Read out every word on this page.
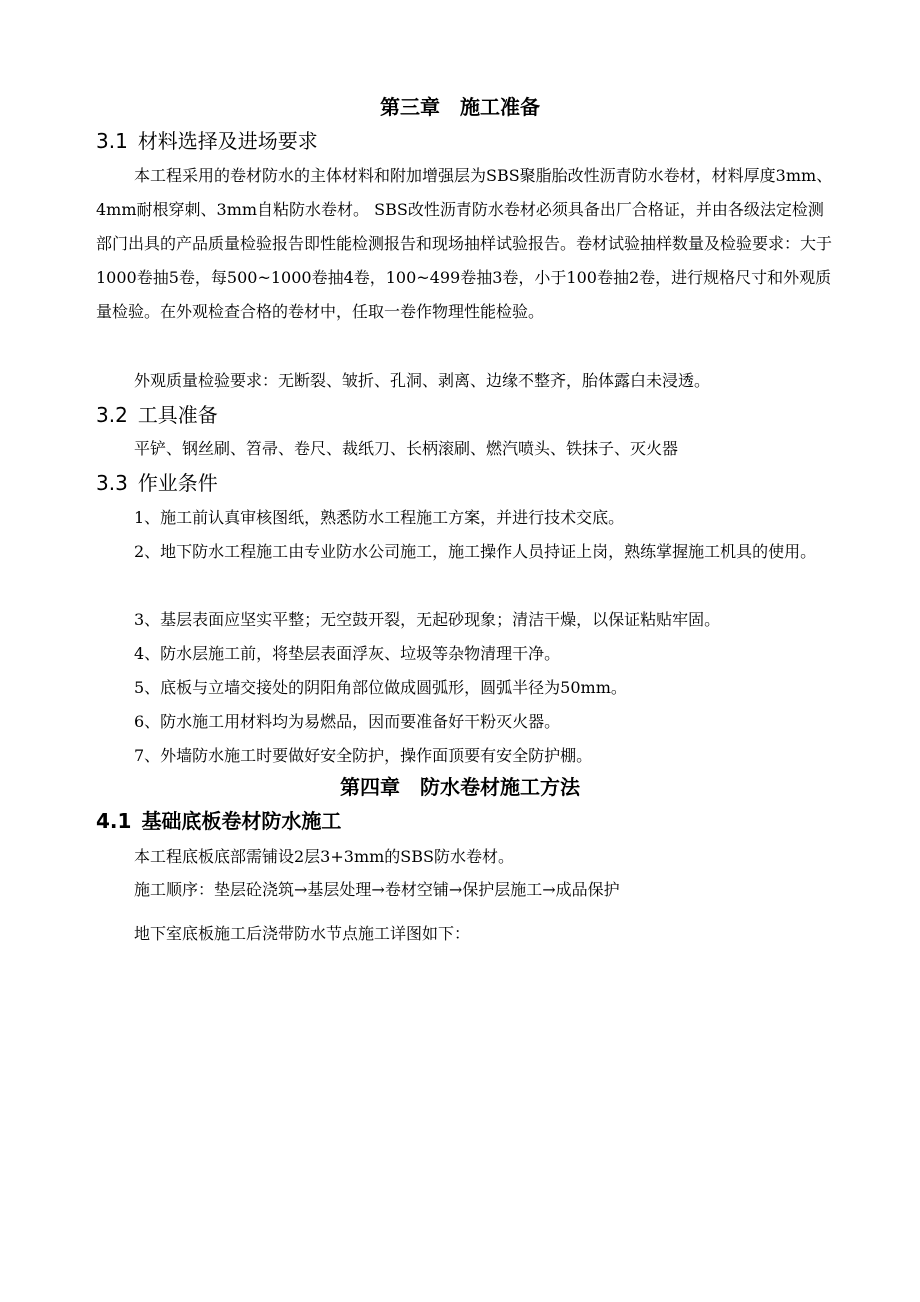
第三章　施工准备
3.1 材料选择及进场要求

本工程采用的卷材防水的主体材料和附加增强层为SBS聚脂胎改性沥青防水卷材，材料厚度3mm、4mm耐根穿刺、3mm自粘防水卷材。 SBS改性沥青防水卷材必须具备出厂合格证，并由各级法定检测部门出具的产品质量检验报告即性能检测报告和现场抽样试验报告。卷材试验抽样数量及检验要求：大于1000卷抽5卷，每500~1000卷抽4卷，100~499卷抽3卷，小于100卷抽2卷，进行规格尺寸和外观质量检验。在外观检查合格的卷材中，任取一卷作物理性能检验。

外观质量检验要求：无断裂、皱折、孔洞、剥离、边缘不整齐，胎体露白未浸透。

3.2 工具准备
平铲、钢丝刷、笤帚、卷尺、裁纸刀、长柄滚刷、燃汽喷头、铁抹子、灭火器
3.3 作业条件

1、施工前认真审核图纸，熟悉防水工程施工方案，并进行技术交底。

2、地下防水工程施工由专业防水公司施工，施工操作人员持证上岗，熟练掌握施工机具的使用。

3、基层表面应坚实平整；无空鼓开裂，无起砂现象；清洁干燥，以保证粘贴牢固。

4、防水层施工前，将垫层表面浮灰、垃圾等杂物清理干净。

5、底板与立墙交接处的阴阳角部位做成圆弧形，圆弧半径为50mm。

6、防水施工用材料均为易燃品，因而要准备好干粉灭火器。

7、外墙防水施工时要做好安全防护，操作面顶要有安全防护棚。

第四章　防水卷材施工方法
4.1 基础底板卷材防水施工
本工程底板底部需铺设2层3+3mm的SBS防水卷材。
施工顺序：垫层砼浇筑→基层处理→卷材空铺→保护层施工→成品保护
地下室底板施工后浇带防水节点施工详图如下：
